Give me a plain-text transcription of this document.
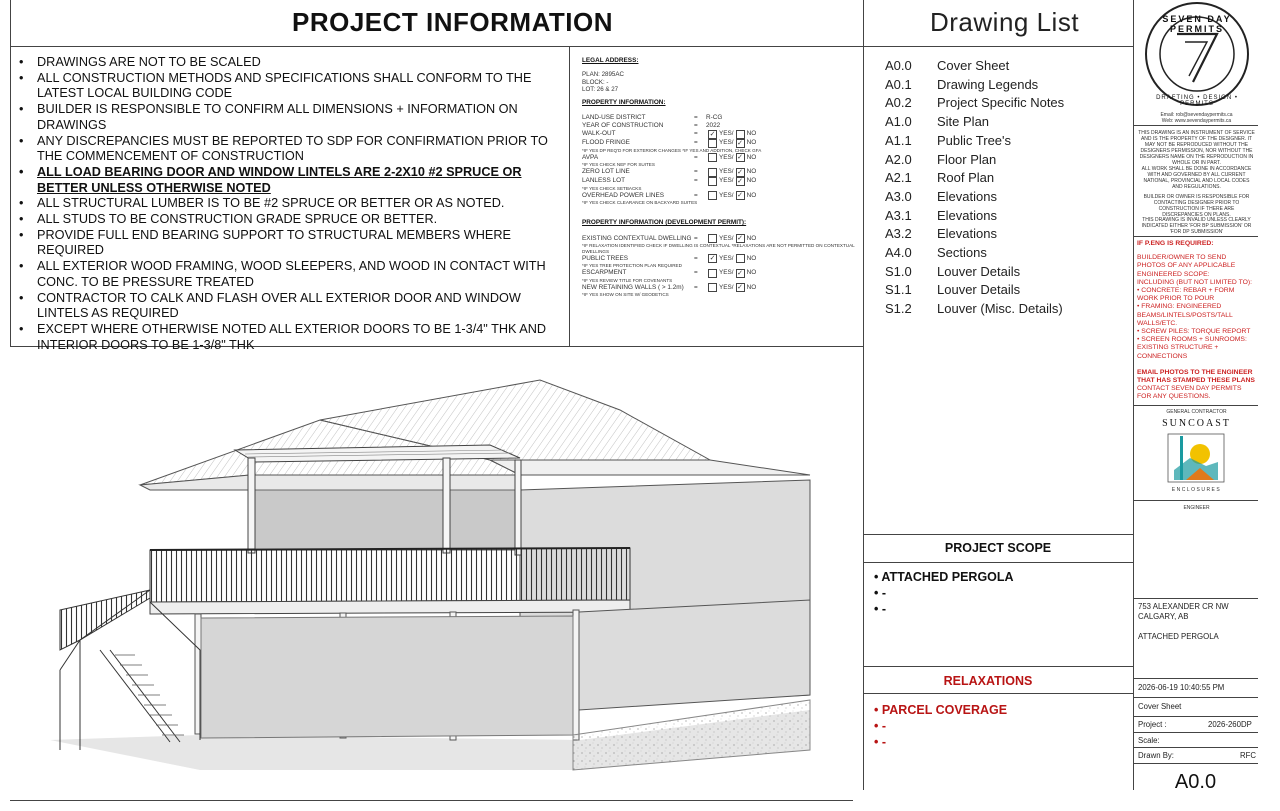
PROJECT INFORMATION	Drawing List
• DRAWINGS ARE NOT TO BE SCALED
• ALL CONSTRUCTION METHODS AND SPECIFICATIONS SHALL CONFORM TO THE LATEST LOCAL BUILDING CODE
• BUILDER IS RESPONSIBLE TO CONFIRM ALL DIMENSIONS + INFORMATION ON DRAWINGS
• ANY DISCREPANCIES MUST BE REPORTED TO SDP FOR CONFIRMATION PRIOR TO THE COMMENCEMENT OF CONSTRUCTION
• ALL LOAD BEARING DOOR AND WINDOW LINTELS ARE 2-2X10 #2 SPRUCE OR BETTER UNLESS OTHERWISE NOTED
• ALL STRUCTURAL LUMBER IS TO BE #2 SPRUCE OR BETTER OR AS NOTED.
• ALL STUDS TO BE CONSTRUCTION GRADE SPRUCE OR BETTER.
• PROVIDE FULL END BEARING SUPPORT TO STRUCTURAL MEMBERS WHERE REQUIRED
• ALL EXTERIOR WOOD FRAMING, WOOD SLEEPERS, AND WOOD IN CONTACT WITH CONC. TO BE PRESSURE TREATED
• CONTRACTOR TO CALK AND FLASH OVER ALL EXTERIOR DOOR AND WINDOW LINTELS AS REQUIRED
• EXCEPT WHERE OTHERWISE NOTED ALL EXTERIOR DOORS TO BE 1-3/4" THK AND INTERIOR DOORS TO BE 1-3/8" THK
LEGAL ADDRESS:
PLAN: 2895AC
BLOCK: -
LOT: 26 & 27
PROPERTY INFORMATION:
LAND-USE DISTRICT	=	R-CG
YEAR OF CONSTRUCTION	=	2022
WALK-OUT	=	✓ YES / NO
FLOOD FRINGE	=	YES / ✓ NO
*IF YES DP REQ'D FOR EXTERIOR CHANGES *IF YES AND ADDITION, CHECK GFA
AVPA	=	YES / ✓ NO
*IF YES CHECK NEF FOR SUITES
ZERO LOT LINE	=	YES / ✓ NO
LANLESS LOT	=	YES / ✓ NO
*IF YES CHECK SETBACKS
OVERHEAD POWER LINES	=	YES / ✓ NO
*IF YES CHECK CLEARANCE ON BACKYARD SUITES
PROPERTY INFORMATION (DEVELOPMENT PERMIT):
EXISTING CONTEXTUAL DWELLING =	YES / ✓ NO
*IF RELAXATION IDENTIFIED CHECK IF DWELLING IS CONTEXTUAL *RELAXATIONS ARE NOT PERMITTED ON CONTEXTUAL DWELLINGS
PUBLIC TREES	=	✓ YES / NO
*IF YES TREE PROTECTION PLAN REQUIRED
ESCARPMENT	=	YES / ✓ NO
*IF YES REVIEW TITLE FOR COVENANTS
NEW RETAINING WALLS ( > 1.2m)	=	YES / ✓ NO
*IF YES SHOW ON SITE W/ GEODETICS
A0.0	Cover Sheet
A0.1	Drawing Legends
A0.2	Project Specific Notes
A1.0	Site Plan
A1.1	Public Tree's
A2.0	Floor Plan
A2.1	Roof Plan
A3.0	Elevations
A3.1	Elevations
A3.2	Elevations
A4.0	Sections
S1.0	Louver Details
S1.1	Louver Details
S1.2	Louver (Misc. Details)
PROJECT SCOPE
• ATTACHED PERGOLA
• -
• -
RELAXATIONS
• PARCEL COVERAGE
• -
• -
SEVEN DAY PERMITS
DRAFTING • DESIGN • PERMITS
Email: rob@sevendaypermits.ca
Web: www.sevendaypermits.ca
THIS DRAWING IS AN INSTRUMENT OF SERVICE AND IS THE PROPERTY OF THE DESIGNER. IT MAY NOT BE REPRODUCED WITHOUT THE DESIGNERS PERMISSION, NOR WITHOUT THE DESIGNERS NAME ON THE REPRODUCTION IN WHOLE OR IN PART.
ALL WORK SHALL BE DONE IN ACCORDANCE WITH AND GOVERNED BY ALL CURRENT NATIONAL, PROVINCIAL AND LOCAL CODES AND REGULATIONS.
BUILDER OR OWNER IS RESPONSIBLE FOR CONTACTING DESIGNER PRIOR TO CONSTRUCTION IF THERE ARE DISCREPANCIES ON PLANS.
THIS DRAWING IS INVALID UNLESS CLEARLY INDICATED EITHER 'FOR BP SUBMISSION' OR 'FOR DP SUBMISSION'
IF P.ENG IS REQUIRED:
BUILDER/OWNER TO SEND PHOTOS OF ANY APPLICABLE ENGINEERED SCOPE:
INCLUDING (BUT NOT LIMITED TO):
• CONCRETE: REBAR + FORM WORK PRIOR TO POUR
• FRAMING: ENGINEERED BEAMS/LINTELS/POSTS/TALL WALLS/ETC.
• SCREW PILES: TORQUE REPORT
• SCREEN ROOMS + SUNROOMS: EXISTING STRUCTURE + CONNECTIONS
EMAIL PHOTOS TO THE ENGINEER THAT HAS STAMPED THESE PLANS
CONTACT SEVEN DAY PERMITS FOR ANY QUESTIONS.
GENERAL CONTRACTOR
SUNCOAST
ENCLOSURES
ENGINEER
753 ALEXANDER CR NW
CALGARY, AB
ATTACHED PERGOLA
2026-06-19 10:40:55 PM
Cover Sheet
Project :	2026-260DP
Scale:
Drawn By:	RFC
A0.0
